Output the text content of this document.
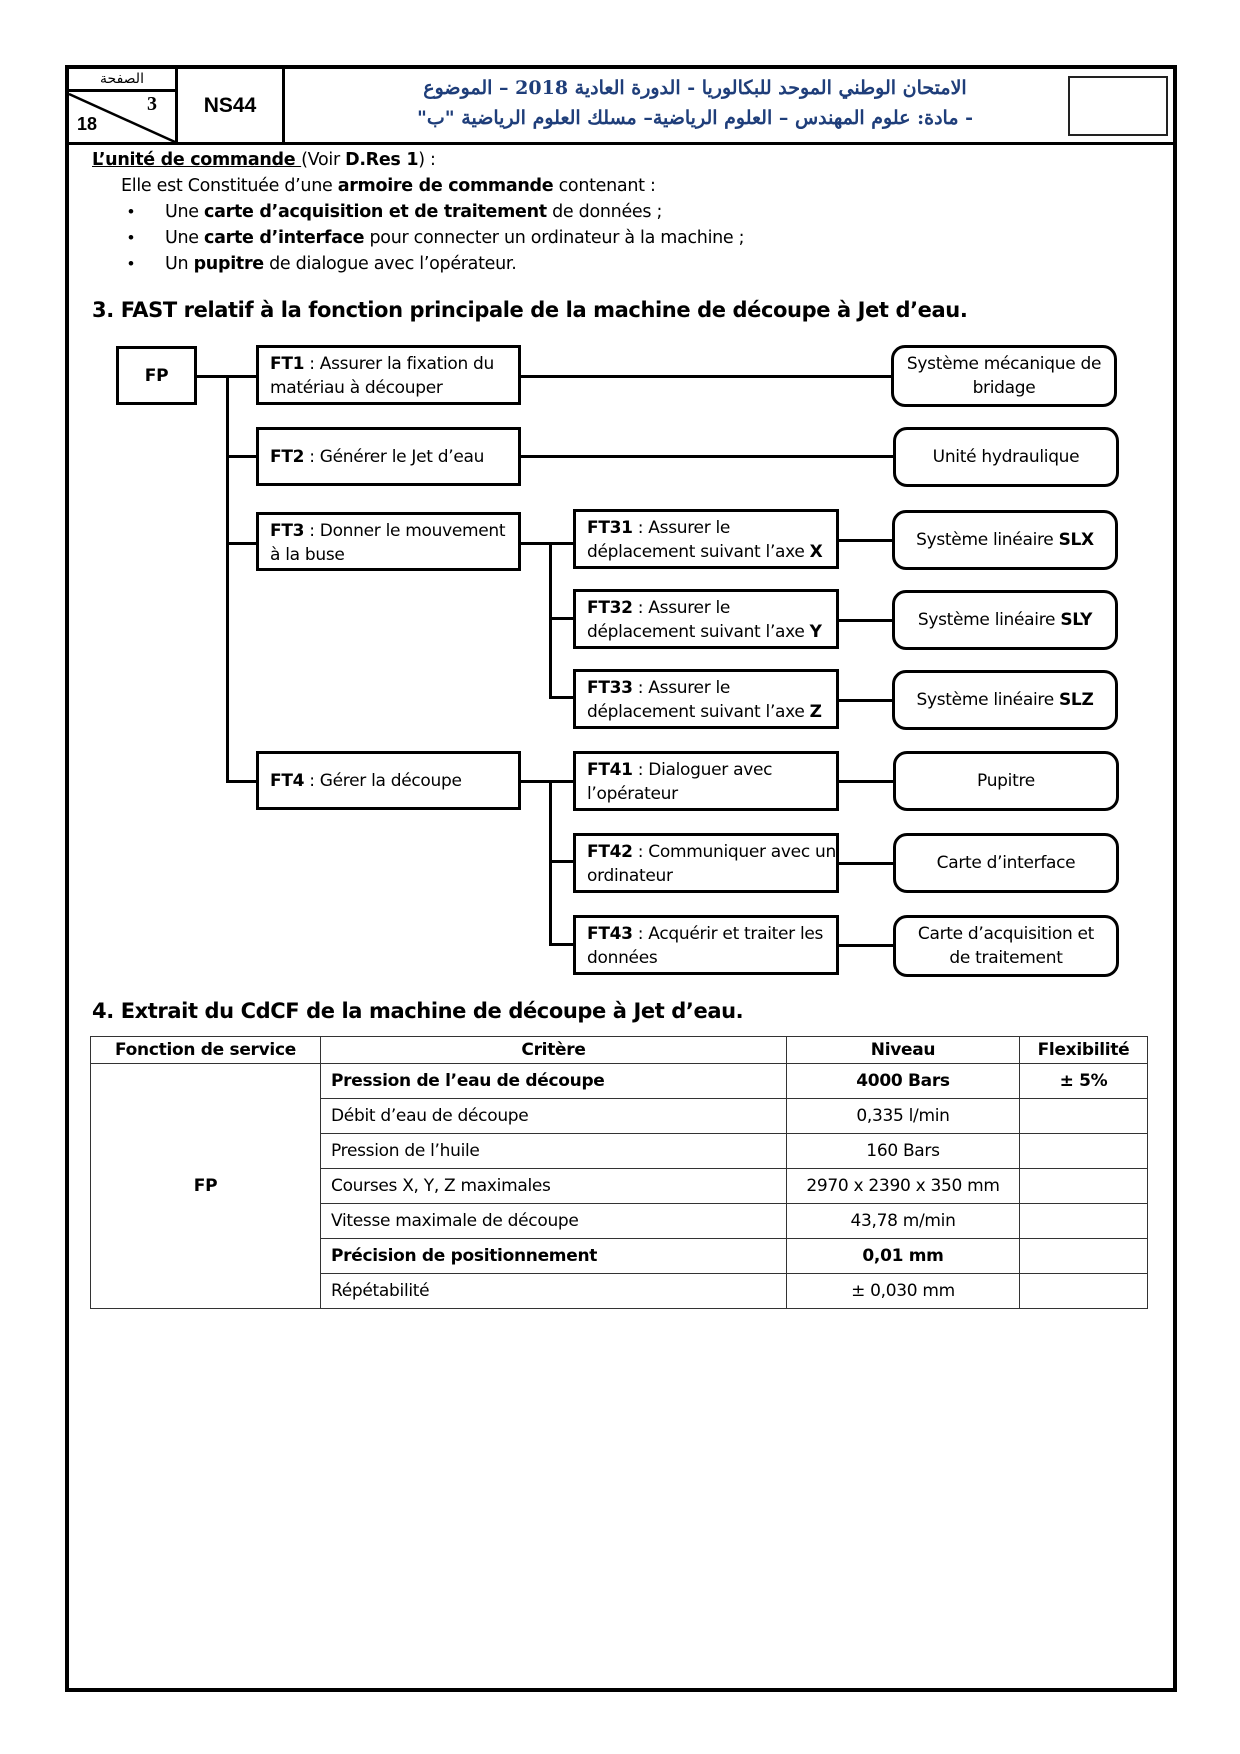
الصفحة
3
18
NS44
الامتحان الوطني الموحد للبكالوريا - الدورة العادية 2018 – الموضوع
- مادة: علوم المهندس – العلوم الرياضية– مسلك العلوم الرياضية "ب"
L’unité de commande (Voir D.Res 1) :
Elle est Constituée d’une armoire de commande contenant :
• Une carte d’acquisition et de traitement de données ;
• Une carte d’interface pour connecter un ordinateur à la machine ;
• Un pupitre de dialogue avec l’opérateur.
3. FAST relatif à la fonction principale de la machine de découpe à Jet d’eau.
FP
FT1 : Assurer la fixation du matériau à découper
FT2 : Générer le Jet d’eau
FT3 : Donner le mouvement à la buse
FT4 : Gérer la découpe
FT31 : Assurer le déplacement suivant l’axe X
FT32 : Assurer le déplacement suivant l’axe Y
FT33 : Assurer le déplacement suivant l’axe Z
FT41 : Dialoguer avec l’opérateur
FT42 : Communiquer avec un ordinateur
FT43 : Acquérir et traiter les données
Système mécanique de bridage
Unité hydraulique
Système linéaire SLX
Système linéaire SLY
Système linéaire SLZ
Pupitre
Carte d’interface
Carte d’acquisition et de traitement
4. Extrait du CdCF de la machine de découpe à Jet d’eau.
Fonction de service	Critère	Niveau	Flexibilité
FP	Pression de l’eau de découpe	4000 Bars	± 5%
	Débit d’eau de découpe	0,335 l/min	
	Pression de l’huile	160 Bars	
	Courses X, Y, Z maximales	2970 x 2390 x 350 mm	
	Vitesse maximale de découpe	43,78 m/min	
	Précision de positionnement	0,01 mm	
	Répétabilité	± 0,030 mm	
